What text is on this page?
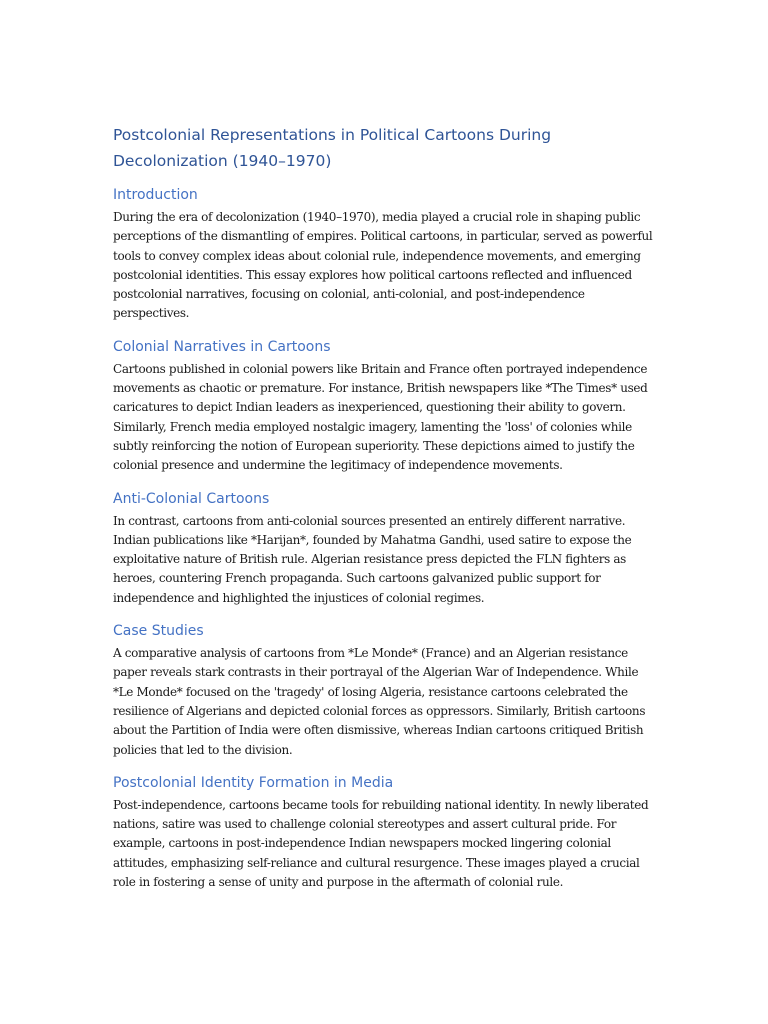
Postcolonial Representations in Political Cartoons During Decolonization (1940–1970)
Introduction

During the era of decolonization (1940–1970), media played a crucial role in shaping public perceptions of the dismantling of empires. Political cartoons, in particular, served as powerful tools to convey complex ideas about colonial rule, independence movements, and emerging postcolonial identities. This essay explores how political cartoons reflected and influenced postcolonial narratives, focusing on colonial, anti-colonial, and post-independence perspectives.

Colonial Narratives in Cartoons

Cartoons published in colonial powers like Britain and France often portrayed independence movements as chaotic or premature. For instance, British newspapers like *The Times* used caricatures to depict Indian leaders as inexperienced, questioning their ability to govern. Similarly, French media employed nostalgic imagery, lamenting the 'loss' of colonies while subtly reinforcing the notion of European superiority. These depictions aimed to justify the colonial presence and undermine the legitimacy of independence movements.

Anti-Colonial Cartoons

In contrast, cartoons from anti-colonial sources presented an entirely different narrative. Indian publications like *Harijan*, founded by Mahatma Gandhi, used satire to expose the exploitative nature of British rule. Algerian resistance press depicted the FLN fighters as heroes, countering French propaganda. Such cartoons galvanized public support for independence and highlighted the injustices of colonial regimes.

Case Studies

A comparative analysis of cartoons from *Le Monde* (France) and an Algerian resistance paper reveals stark contrasts in their portrayal of the Algerian War of Independence. While *Le Monde* focused on the 'tragedy' of losing Algeria, resistance cartoons celebrated the resilience of Algerians and depicted colonial forces as oppressors. Similarly, British cartoons about the Partition of India were often dismissive, whereas Indian cartoons critiqued British policies that led to the division.

Postcolonial Identity Formation in Media

Post-independence, cartoons became tools for rebuilding national identity. In newly liberated nations, satire was used to challenge colonial stereotypes and assert cultural pride. For example, cartoons in post-independence Indian newspapers mocked lingering colonial attitudes, emphasizing self-reliance and cultural resurgence. These images played a crucial role in fostering a sense of unity and purpose in the aftermath of colonial rule.
